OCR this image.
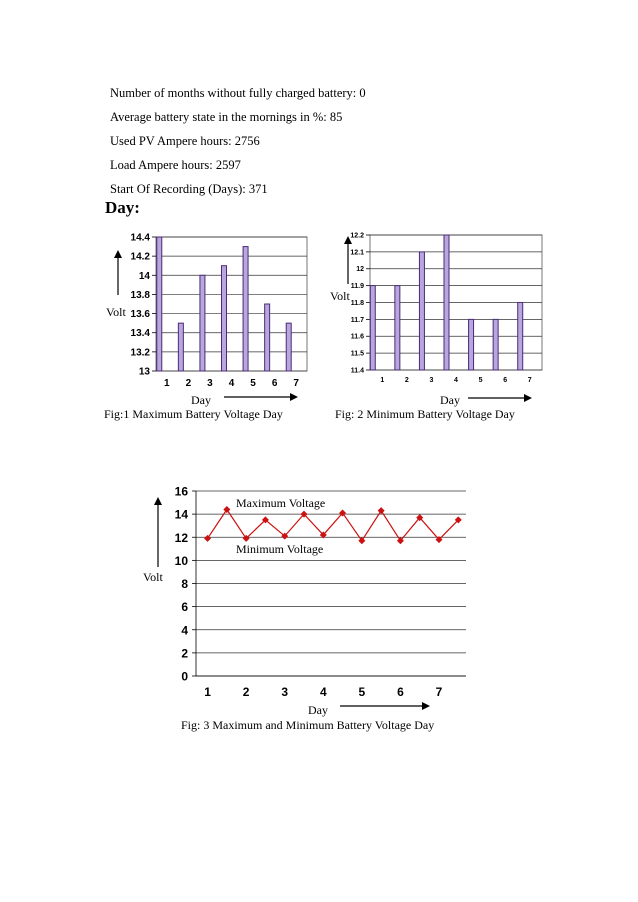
Number of months without fully charged battery: 0
Average battery state in the mornings in %: 85
Used PV Ampere hours: 2756
Load Ampere hours: 2597
Start Of Recording (Days): 371
Day:
Volt
Day
Fig:1 Maximum Battery Voltage Day
Volt
Day
Fig: 2 Minimum Battery Voltage Day
Volt
Day
Fig: 3 Maximum and Minimum Battery Voltage Day
Maximum Voltage
Minimum Voltage
13
13.2
13.4
13.6
13.8
14
14.2
14.4
1 2 3 4 5 6 7
11.4
11.5
11.6
11.7
11.8
11.9
12
12.1
12.2
1	2	3	4	5	6	7
0
2
4
6
8
10
12
14
16
1	2	3	4	5	6	7
